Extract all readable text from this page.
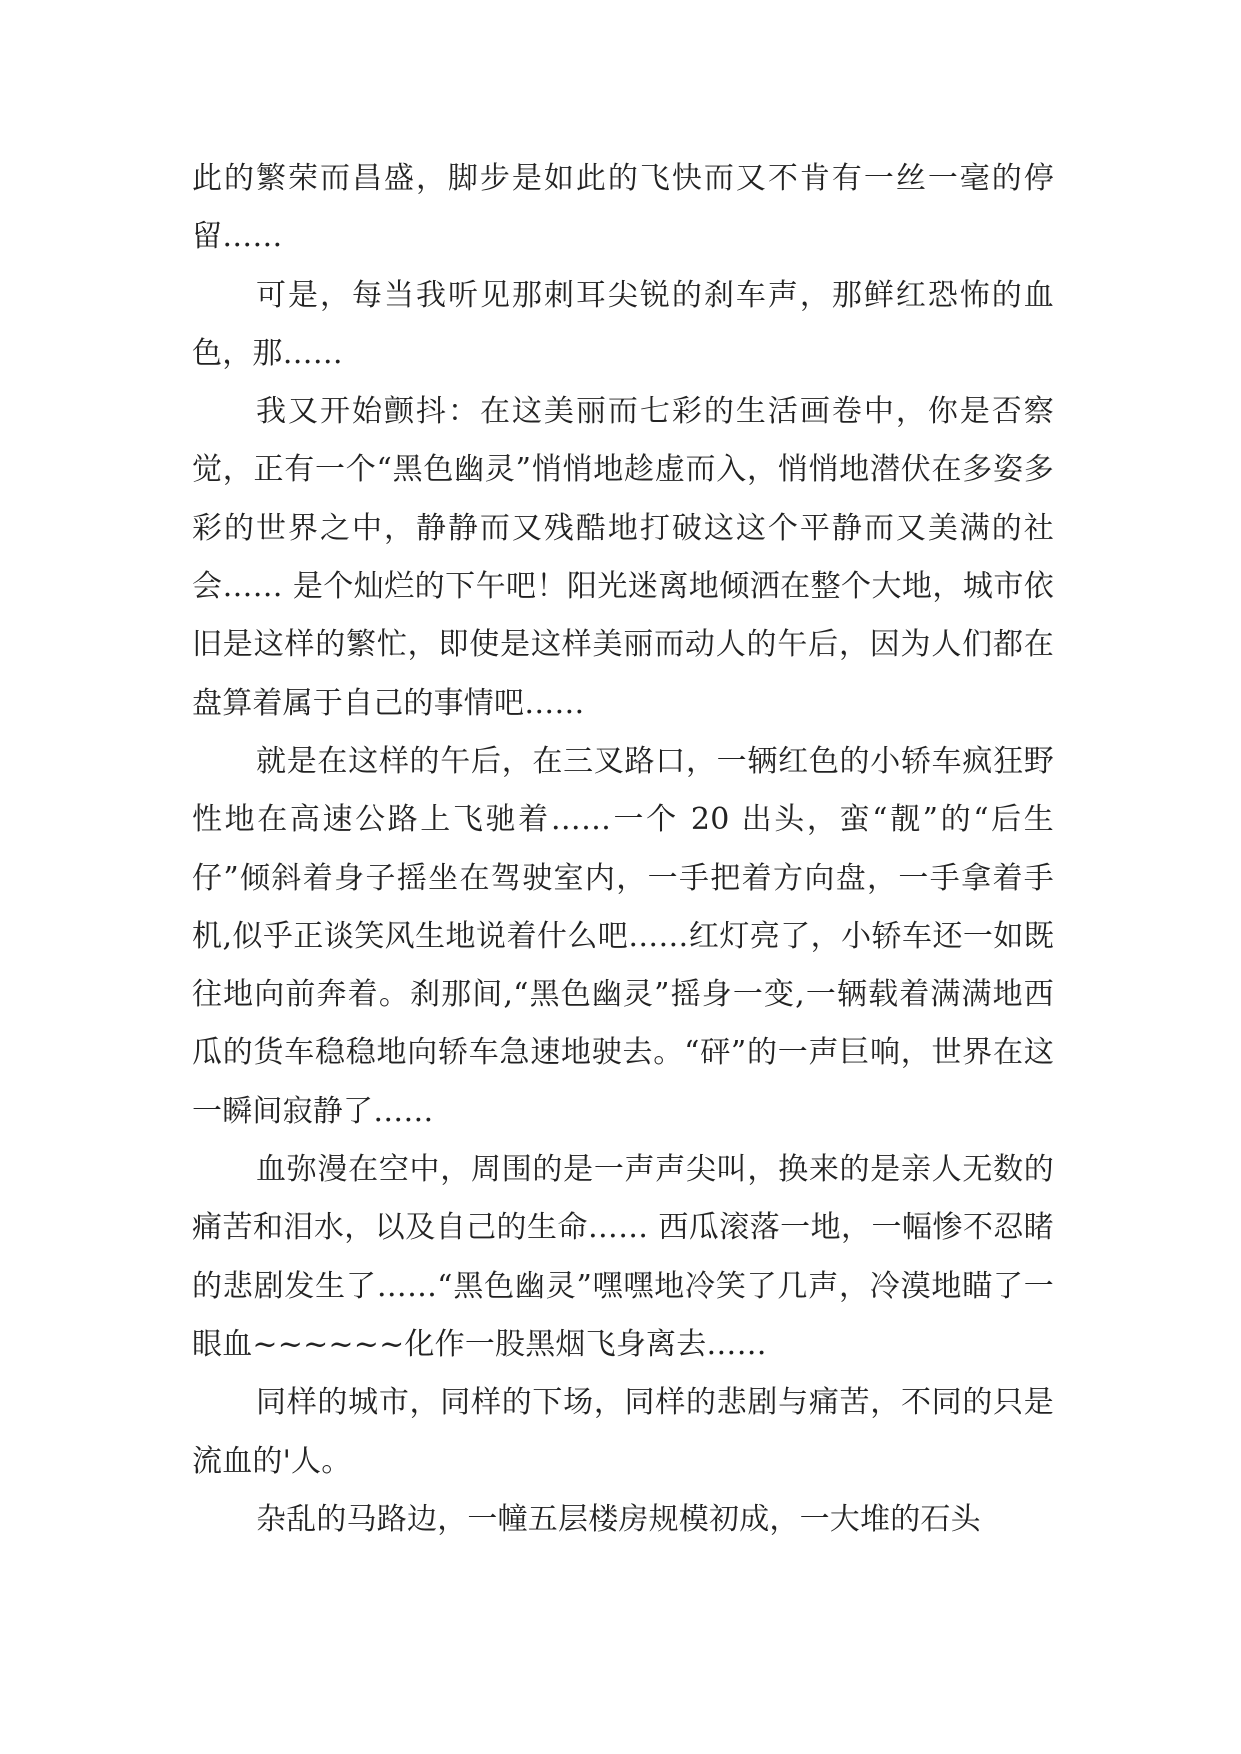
此的繁荣而昌盛，脚步是如此的飞快而又不肯有一丝一毫的停留……

可是，每当我听见那刺耳尖锐的刹车声，那鲜红恐怖的血色，那……

我又开始颤抖：在这美丽而七彩的生活画卷中，你是否察觉，正有一个“黑色幽灵”悄悄地趁虚而入，悄悄地潜伏在多姿多彩的世界之中，静静而又残酷地打破这这个平静而又美满的社会…… 是个灿烂的下午吧！阳光迷离地倾洒在整个大地，城市依旧是这样的繁忙，即使是这样美丽而动人的午后，因为人们都在盘算着属于自己的事情吧……

就是在这样的午后，在三叉路口，一辆红色的小轿车疯狂野性地在高速公路上飞驰着……一个 20 出头，蛮“靓”的“后生仔”倾斜着身子摇坐在驾驶室内，一手把着方向盘，一手拿着手机,似乎正谈笑风生地说着什么吧……红灯亮了，小轿车还一如既往地向前奔着。刹那间,“黑色幽灵”摇身一变,一辆载着满满地西瓜的货车稳稳地向轿车急速地驶去。“砰”的一声巨响，世界在这一瞬间寂静了……

血弥漫在空中，周围的是一声声尖叫，换来的是亲人无数的痛苦和泪水，以及自己的生命…… 西瓜滚落一地，一幅惨不忍睹的悲剧发生了……“黑色幽灵”嘿嘿地冷笑了几声，冷漠地瞄了一眼血~~~~~~化作一股黑烟飞身离去……

同样的城市，同样的下场，同样的悲剧与痛苦，不同的只是流血的'人。

杂乱的马路边，一幢五层楼房规模初成，一大堆的石头
